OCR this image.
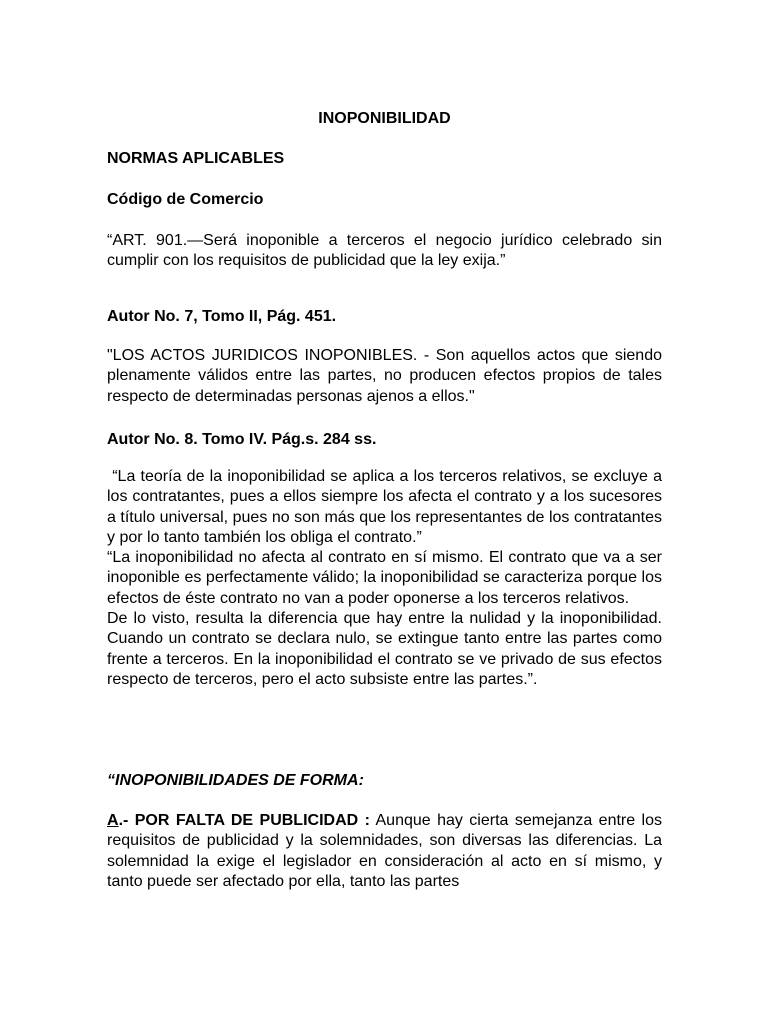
INOPONIBILIDAD
NORMAS APLICABLES
Código de Comercio
“ART. 901.—Será inoponible a terceros el negocio jurídico celebrado sin cumplir con los requisitos de publicidad que la ley exija.”
Autor No. 7, Tomo II, Pág. 451.
"LOS ACTOS JURIDICOS INOPONIBLES. - Son aquellos actos que siendo plenamente válidos entre las partes, no producen efectos propios de tales respecto de determinadas personas ajenos a ellos."
Autor No. 8. Tomo IV. Pág.s. 284 ss.

“La teoría de la inoponibilidad se aplica a los terceros relativos, se excluye a los contratantes, pues a ellos siempre los afecta el contrato y a los sucesores a título universal, pues no son más que los representantes de los contratantes y por lo tanto también los obliga el contrato.”

“La inoponibilidad no afecta al contrato en sí mismo. El contrato que va a ser inoponible es perfectamente válido; la inoponibilidad se caracteriza porque los efectos de éste contrato no van a poder oponerse a los terceros relativos.

De lo visto, resulta la diferencia que hay entre la nulidad y la inoponibilidad. Cuando un contrato se declara nulo, se extingue tanto entre las partes como frente a terceros. En la inoponibilidad el contrato se ve privado de sus efectos respecto de terceros, pero el acto subsiste entre las partes.”.

“INOPONIBILIDADES DE FORMA:
A.- POR FALTA DE PUBLICIDAD : Aunque hay cierta semejanza entre los requisitos de publicidad y la solemnidades, son diversas las diferencias. La solemnidad la exige el legislador en consideración al acto en sí mismo, y tanto puede ser afectado por ella, tanto las partes
